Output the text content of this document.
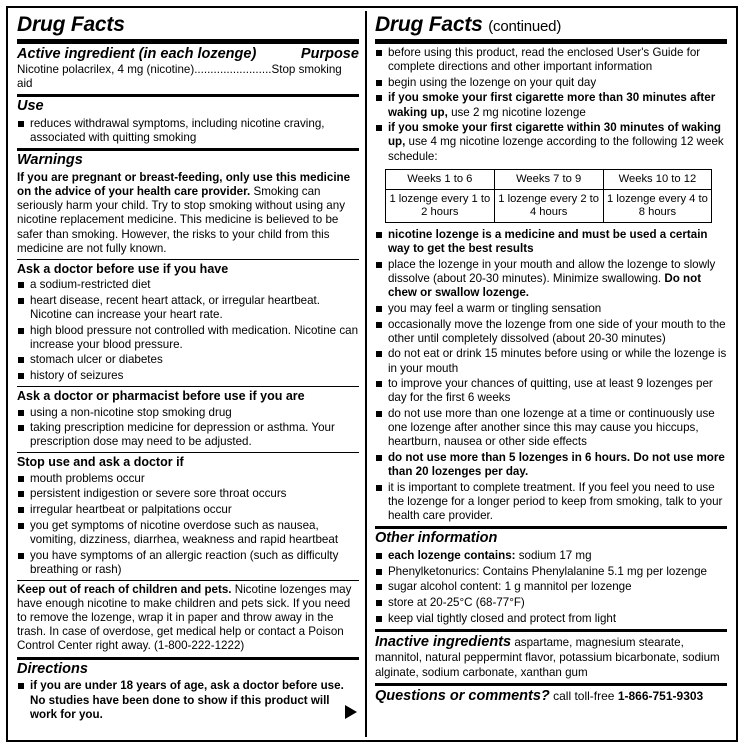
Drug Facts
Active ingredient (in each lozenge)	Purpose
Nicotine polacrilex, 4 mg (nicotine)........................Stop smoking aid
Use
reduces withdrawal symptoms, including nicotine craving, associated with quitting smoking
Warnings
If you are pregnant or breast-feeding, only use this medicine on the advice of your health care provider. Smoking can seriously harm your child. Try to stop smoking without using any nicotine replacement medicine. This medicine is believed to be safer than smoking. However, the risks to your child from this medicine are not fully known.
Ask a doctor before use if you have
a sodium-restricted diet
heart disease, recent heart attack, or irregular heartbeat. Nicotine can increase your heart rate.
high blood pressure not controlled with medication. Nicotine can increase your blood pressure.
stomach ulcer or diabetes
history of seizures
Ask a doctor or pharmacist before use if you are
using a non-nicotine stop smoking drug
taking prescription medicine for depression or asthma. Your prescription dose may need to be adjusted.
Stop use and ask a doctor if
mouth problems occur
persistent indigestion or severe sore throat occurs
irregular heartbeat or palpitations occur
you get symptoms of nicotine overdose such as nausea, vomiting, dizziness, diarrhea, weakness and rapid heartbeat
you have symptoms of an allergic reaction (such as difficulty breathing or rash)
Keep out of reach of children and pets. Nicotine lozenges may have enough nicotine to make children and pets sick. If you need to remove the lozenge, wrap it in paper and throw away in the trash. In case of overdose, get medical help or contact a Poison Control Center right away. (1-800-222-1222)
Directions
if you are under 18 years of age, ask a doctor before use. No studies have been done to show if this product will work for you.
Drug Facts (continued)
before using this product, read the enclosed User's Guide for complete directions and other important information
begin using the lozenge on your quit day
if you smoke your first cigarette more than 30 minutes after waking up, use 2 mg nicotine lozenge
if you smoke your first cigarette within 30 minutes of waking up, use 4 mg nicotine lozenge according to the following 12 week schedule:
Weeks 1 to 6	Weeks 7 to 9	Weeks 10 to 12
1 lozenge every 1 to 2 hours	1 lozenge every 2 to 4 hours	1 lozenge every 4 to 8 hours
nicotine lozenge is a medicine and must be used a certain way to get the best results
place the lozenge in your mouth and allow the lozenge to slowly dissolve (about 20-30 minutes). Minimize swallowing. Do not chew or swallow lozenge.
you may feel a warm or tingling sensation
occasionally move the lozenge from one side of your mouth to the other until completely dissolved (about 20-30 minutes)
do not eat or drink 15 minutes before using or while the lozenge is in your mouth
to improve your chances of quitting, use at least 9 lozenges per day for the first 6 weeks
do not use more than one lozenge at a time or continuously use one lozenge after another since this may cause you hiccups, heartburn, nausea or other side effects
do not use more than 5 lozenges in 6 hours. Do not use more than 20 lozenges per day.
it is important to complete treatment. If you feel you need to use the lozenge for a longer period to keep from smoking, talk to your health care provider.
Other information
each lozenge contains: sodium 17 mg
Phenylketonurics: Contains Phenylalanine 5.1 mg per lozenge
sugar alcohol content: 1 g mannitol per lozenge
store at 20-25°C (68-77°F)
keep vial tightly closed and protect from light
Inactive ingredients aspartame, magnesium stearate, mannitol, natural peppermint flavor, potassium bicarbonate, sodium alginate, sodium carbonate, xanthan gum
Questions or comments? call toll-free 1-866-751-9303
